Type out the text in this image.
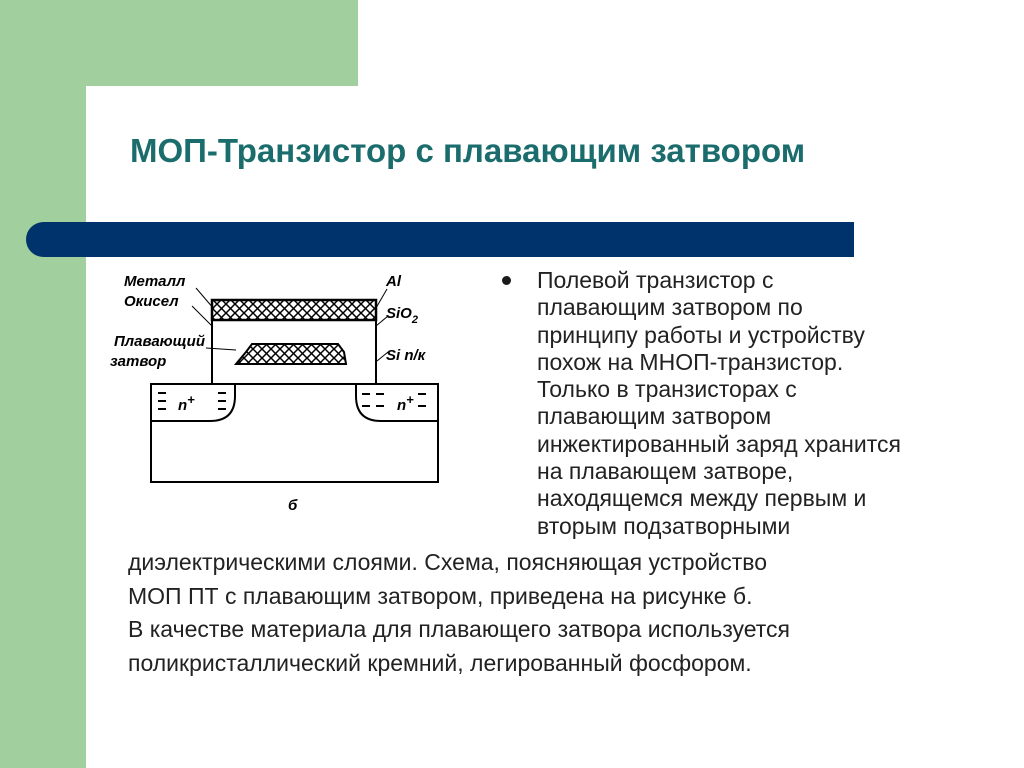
МОП-Транзистор с плавающим затвором
Металл
Окисел
Плавающий
затвор
Al
SiO$_2$
Si n/к
n+	n+
б
Полевой транзистор с
плавающим затвором по
принципу работы и устройству
похож на МНОП-транзистор.
Только в транзисторах с
плавающим затвором
инжектированный заряд хранится
на плавающем затворе,
находящемся между первым и
вторым подзатворными
диэлектрическими слоями. Схема, поясняющая устройство
МОП ПТ с плавающим затвором, приведена на рисунке б.
В качестве материала для плавающего затвора используется
поликристаллический кремний, легированный фосфором.
